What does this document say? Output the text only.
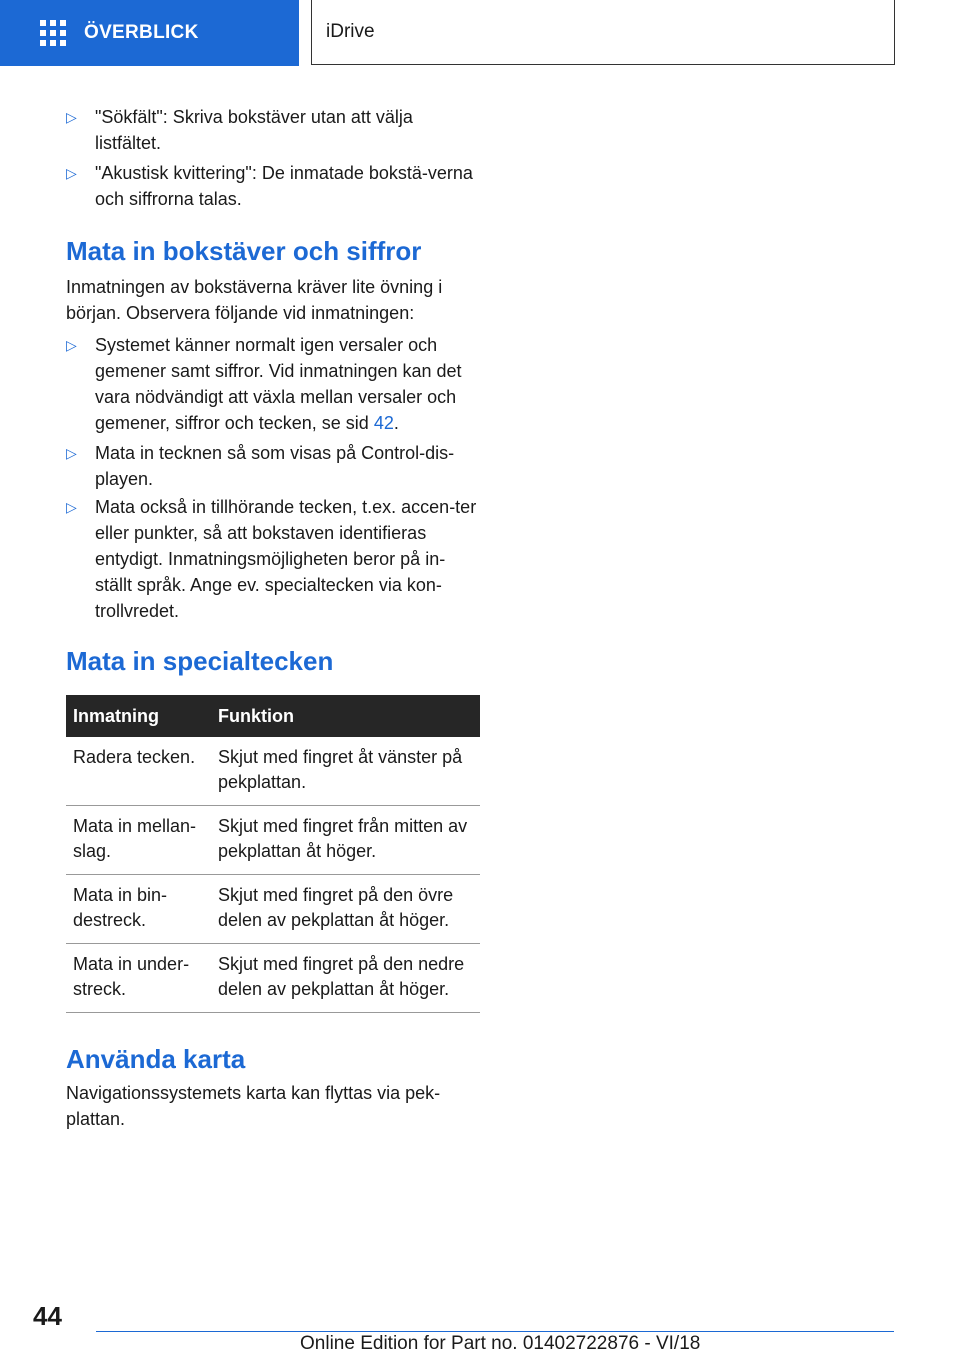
ÖVERBLICK	iDrive
▷	"Sökfält": Skriva bokstäver utan att välja listfältet.
▷	"Akustisk kvittering": De inmatade bokstä-verna och siffrorna talas.
Mata in bokstäver och siffror

Inmatningen av bokstäverna kräver lite övning i början. Observera följande vid inmatningen:

▷	Systemet känner normalt igen versaler och gemener samt siffror. Vid inmatningen kan det vara nödvändigt att växla mellan versaler och gemener, siffror och tecken, se sid 42.
▷	Mata in tecknen så som visas på Control-dis-playen.
▷	Mata också in tillhörande tecken, t.ex. accen-ter eller punkter, så att bokstaven identifieras entydigt. Inmatningsmöjligheten beror på in-ställt språk. Ange ev. specialtecken via kon-trollvredet.
Mata in specialtecken
Inmatning	Funktion
Radera tecken.	Skjut med fingret åt vänster på pekplattan.
Mata in mellan-slag.	Skjut med fingret från mitten av pekplattan åt höger.
Mata in bin-destreck.	Skjut med fingret på den övre delen av pekplattan åt höger.
Mata in under-streck.	Skjut med fingret på den nedre delen av pekplattan åt höger.
Använda karta

Navigationssystemets karta kan flyttas via pek-plattan.

44
Online Edition for Part no. 01402722876 - VI/18
